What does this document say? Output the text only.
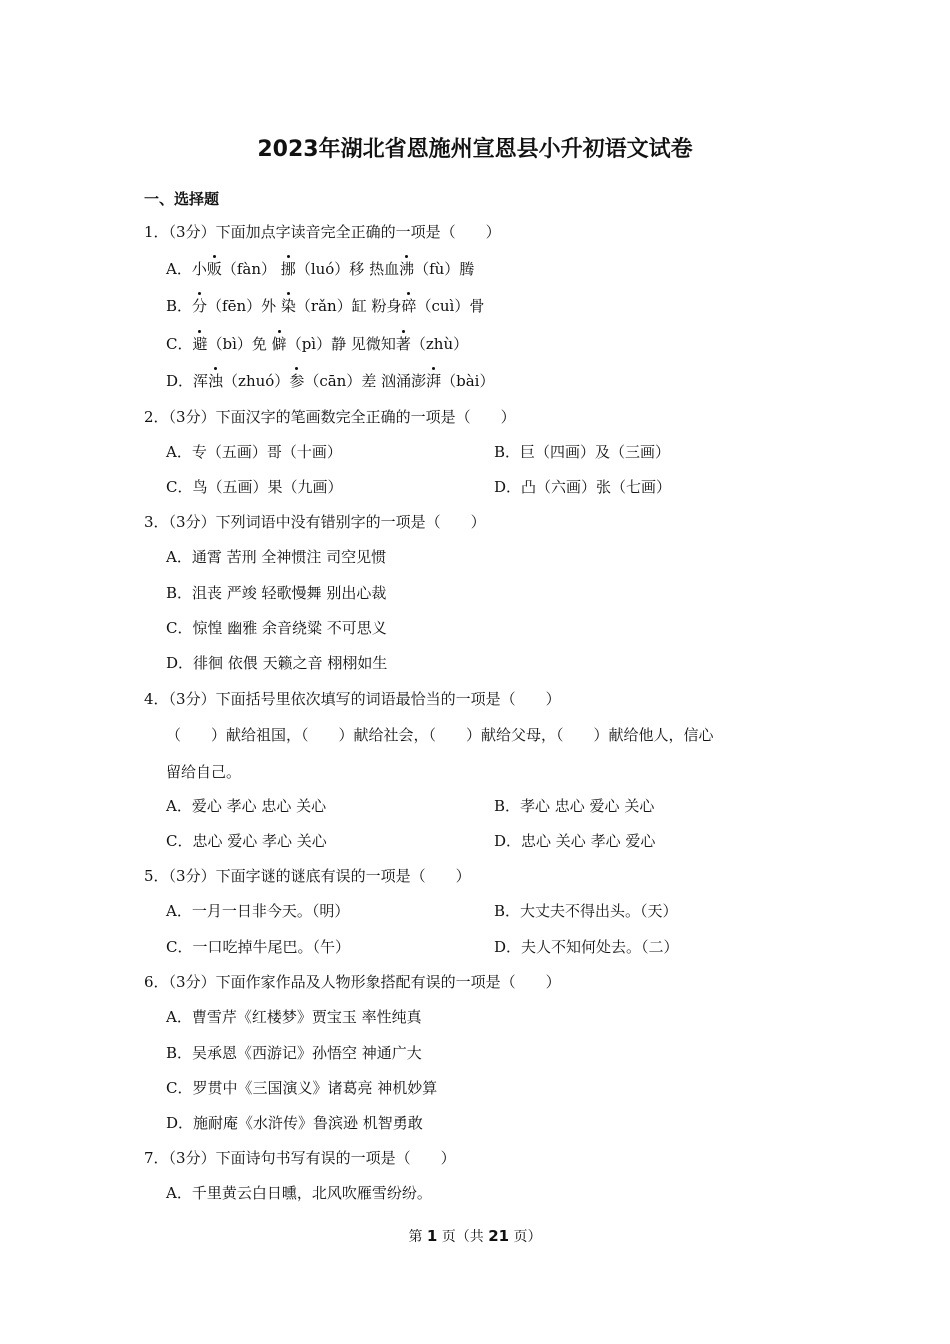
2023年湖北省恩施州宣恩县小升初语文试卷
一、选择题
1．（3分）下面加点字读音完全正确的一项是（　　）
A．小贩（fàn） 挪（luó）移 热血沸（fù）腾
B．分（fēn）外 染（rǎn）缸 粉身碎（cuì）骨
C．避（bì）免 僻（pì）静 见微知著（zhù）
D．浑浊（zhuó）参（cān）差 汹涌澎湃（bài）
2．（3分）下面汉字的笔画数完全正确的一项是（　　）
A．专（五画）哥（十画）	B．巨（四画）及（三画）
C．鸟（五画）果（九画）	D．凸（六画）张（七画）
3．（3分）下列词语中没有错别字的一项是（　　）
A．通霄 苦刑 全神惯注 司空见惯
B．沮丧 严竣 轻歌慢舞 别出心裁
C．惊惶 幽雅 余音绕粱 不可思义
D．徘徊 依偎 天籁之音 栩栩如生
4．（3分）下面括号里依次填写的词语最恰当的一项是（　　）
（　　）献给祖国，（　　）献给社会，（　　）献给父母，（　　）献给他人，信心
留给自己。
A．爱心 孝心 忠心 关心	B．孝心 忠心 爱心 关心
C．忠心 爱心 孝心 关心	D．忠心 关心 孝心 爱心
5．（3分）下面字谜的谜底有误的一项是（　　）
A．一月一日非今天。（明）	B．大丈夫不得出头。（天）
C．一口吃掉牛尾巴。（午）	D．夫人不知何处去。（二）
6．（3分）下面作家作品及人物形象搭配有误的一项是（　　）
A．曹雪芹《红楼梦》贾宝玉 率性纯真
B．吴承恩《西游记》孙悟空 神通广大
C．罗贯中《三国演义》诸葛亮 神机妙算
D．施耐庵《水浒传》鲁滨逊 机智勇敢
7．（3分）下面诗句书写有误的一项是（　　）
A．千里黄云白日曛，北风吹雁雪纷纷。
第 1 页（共 21 页）
